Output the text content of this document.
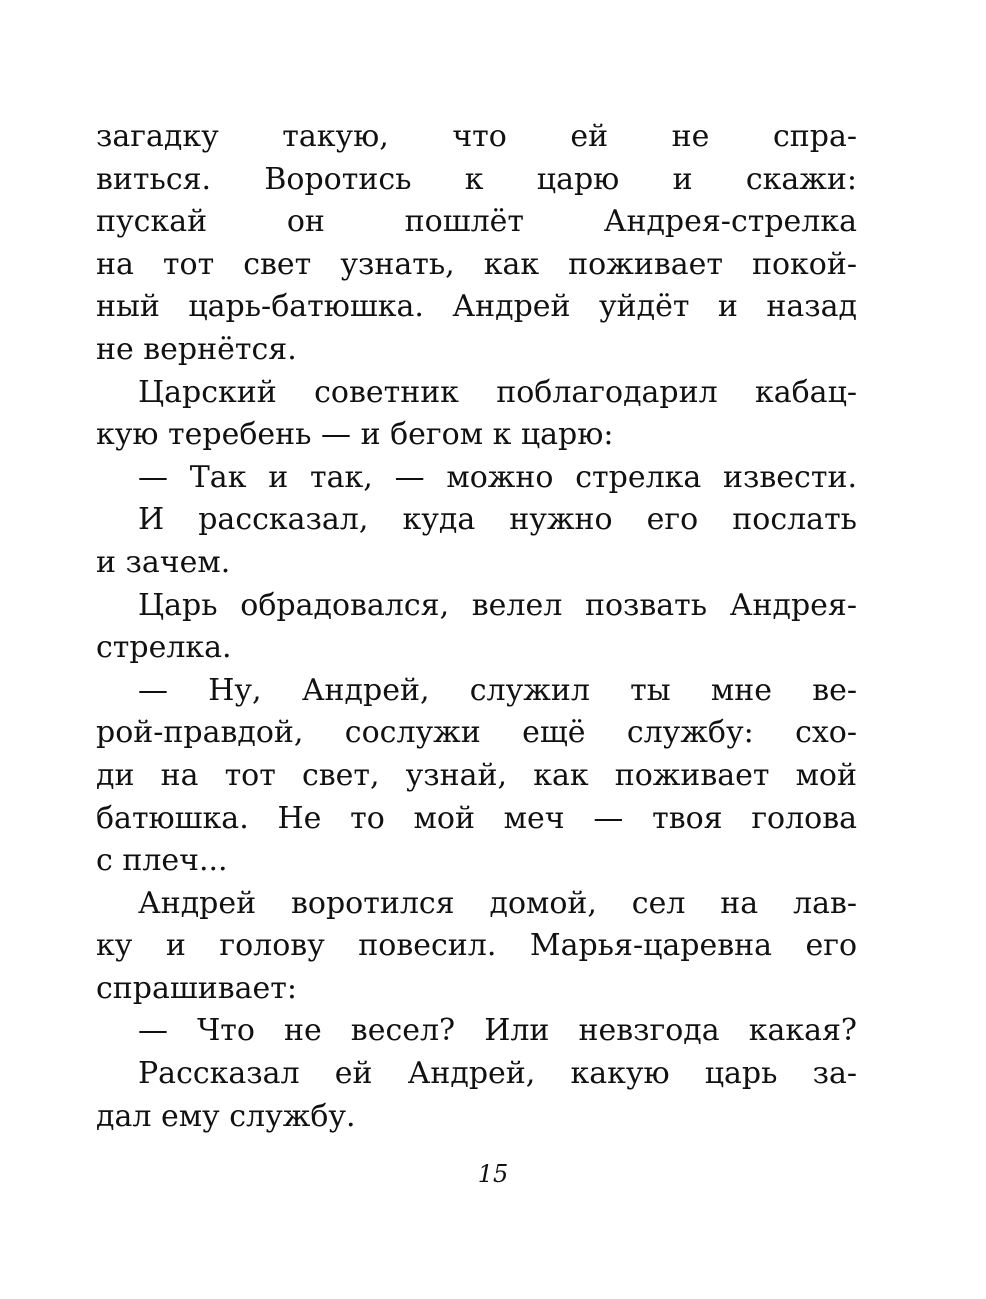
загадку такую, что ей не спра-
виться. Воротись к царю и скажи:
пускай он пошлёт Андрея-стрелка
на тот свет узнать, как поживает покой-
ный царь-батюшка. Андрей уйдёт и назад
не вернётся.
Царский советник поблагодарил кабац-
кую теребень — и бегом к царю:
— Так и так, — можно стрелка извести.
И рассказал, куда нужно его послать
и зачем.
Царь обрадовался, велел позвать Андрея-
стрелка.
— Ну, Андрей, служил ты мне ве-
рой-правдой, сослужи ещё службу: схо-
ди на тот свет, узнай, как поживает мой
батюшка. Не то мой меч — твоя голова
с плеч...
Андрей воротился домой, сел на лав-
ку и голову повесил. Марья-царевна его
спрашивает:
— Что не весел? Или невзгода какая?
Рассказал ей Андрей, какую царь за-
дал ему службу.
15
